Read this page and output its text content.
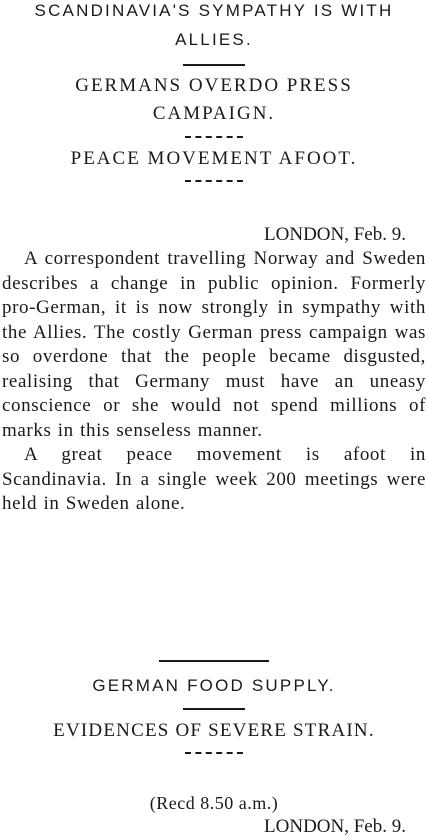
SCANDINAVIA'S SYMPATHY IS WITH ALLIES.
GERMANS OVERDO PRESS CAMPAIGN.
PEACE MOVEMENT AFOOT.

LONDON, Feb. 9.

A correspondent travelling Norway and Sweden describes a change in public opinion. Formerly pro-German, it is now strongly in sympathy with the Allies. The costly German press campaign was so overdone that the people became disgusted, realising that Germany must have an uneasy conscience or she would not spend millions of marks in this senseless manner.

A great peace movement is afoot in Scandinavia. In a single week 200 meetings were held in Sweden alone.

GERMAN FOOD SUPPLY.
EVIDENCES OF SEVERE STRAIN.

(Recd 8.50 a.m.)

LONDON, Feb. 9.
